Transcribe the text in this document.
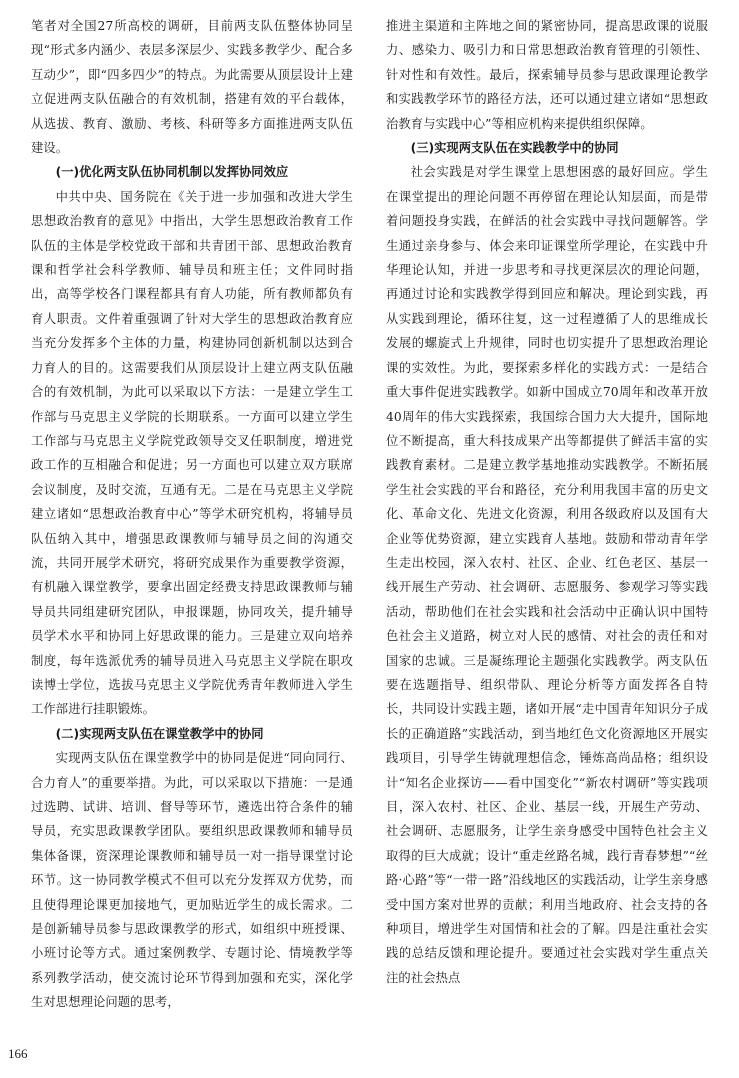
笔者对全国27所高校的调研，目前两支队伍整体协同呈现“形式多内涵少、表层多深层少、实践多教学少、配合多互动少”，即“四多四少”的特点。为此需要从顶层设计上建立促进两支队伍融合的有效机制，搭建有效的平台载体，从选拔、教育、激励、考核、科研等多方面推进两支队伍建设。

(一)优化两支队伍协同机制以发挥协同效应

中共中央、国务院在《关于进一步加强和改进大学生思想政治教育的意见》中指出，大学生思想政治教育工作队伍的主体是学校党政干部和共青团干部、思想政治教育课和哲学社会科学教师、辅导员和班主任；文件同时指出，高等学校各门课程都具有育人功能，所有教师都负有育人职责。文件着重强调了针对大学生的思想政治教育应当充分发挥多个主体的力量，构建协同创新机制以达到合力育人的目的。这需要我们从顶层设计上建立两支队伍融合的有效机制，为此可以采取以下方法：一是建立学生工作部与马克思主义学院的长期联系。一方面可以建立学生工作部与马克思主义学院党政领导交叉任职制度，增进党政工作的互相融合和促进；另一方面也可以建立双方联席会议制度，及时交流，互通有无。二是在马克思主义学院建立诸如“思想政治教育中心”等学术研究机构，将辅导员队伍纳入其中，增强思政课教师与辅导员之间的沟通交流，共同开展学术研究，将研究成果作为重要教学资源，有机融入课堂教学，要拿出固定经费支持思政课教师与辅导员共同组建研究团队，申报课题，协同攻关，提升辅导员学术水平和协同上好思政课的能力。三是建立双向培养制度，每年选派优秀的辅导员进入马克思主义学院在职攻读博士学位，选拔马克思主义学院优秀青年教师进入学生工作部进行挂职锻炼。

(二)实现两支队伍在课堂教学中的协同

实现两支队伍在课堂教学中的协同是促进“同向同行、合力育人”的重要举措。为此，可以采取以下措施：一是通过选聘、试讲、培训、督导等环节，遴选出符合条件的辅导员，充实思政课教学团队。要组织思政课教师和辅导员集体备课，资深理论课教师和辅导员一对一指导课堂讨论环节。这一协同教学模式不但可以充分发挥双方优势，而且使得理论课更加接地气，更加贴近学生的成长需求。二是创新辅导员参与思政课教学的形式，如组织中班授课、小班讨论等方式。通过案例教学、专题讨论、情境教学等系列教学活动，使交流讨论环节得到加强和充实，深化学生对思想理论问题的思考，

推进主渠道和主阵地之间的紧密协同，提高思政课的说服力、感染力、吸引力和日常思想政治教育管理的引领性、针对性和有效性。最后，探索辅导员参与思政课理论教学和实践教学环节的路径方法，还可以通过建立诸如“思想政治教育与实践中心”等相应机构来提供组织保障。

(三)实现两支队伍在实践教学中的协同

社会实践是对学生课堂上思想困惑的最好回应。学生在课堂提出的理论问题不再停留在理论认知层面，而是带着问题投身实践，在鲜活的社会实践中寻找问题解答。学生通过亲身参与、体会来印证课堂所学理论，在实践中升华理论认知，并进一步思考和寻找更深层次的理论问题，再通过讨论和实践教学得到回应和解决。理论到实践，再从实践到理论，循环往复，这一过程遵循了人的思维成长发展的螺旋式上升规律，同时也切实提升了思想政治理论课的实效性。为此，要探索多样化的实践方式：一是结合重大事件促进实践教学。如新中国成立70周年和改革开放40周年的伟大实践探索，我国综合国力大大提升，国际地位不断提高，重大科技成果产出等都提供了鲜活丰富的实践教育素材。二是建立教学基地推动实践教学。不断拓展学生社会实践的平台和路径，充分利用我国丰富的历史文化、革命文化、先进文化资源，利用各级政府以及国有大企业等优势资源，建立实践育人基地。鼓励和带动青年学生走出校园，深入农村、社区、企业、红色老区、基层一线开展生产劳动、社会调研、志愿服务、参观学习等实践活动，帮助他们在社会实践和社会活动中正确认识中国特色社会主义道路，树立对人民的感情、对社会的责任和对国家的忠诚。三是凝练理论主题强化实践教学。两支队伍要在选题指导、组织带队、理论分析等方面发挥各自特长，共同设计实践主题，诸如开展“走中国青年知识分子成长的正确道路”实践活动，到当地红色文化资源地区开展实践项目，引导学生铸就理想信念，锤炼高尚品格；组织设计“知名企业探访——看中国变化”“新农村调研”等实践项目，深入农村、社区、企业、基层一线，开展生产劳动、社会调研、志愿服务，让学生亲身感受中国特色社会主义取得的巨大成就；设计“重走丝路名城，践行青春梦想”“丝路·心路”等“一带一路”沿线地区的实践活动，让学生亲身感受中国方案对世界的贡献；利用当地政府、社会支持的各种项目，增进学生对国情和社会的了解。四是注重社会实践的总结反馈和理论提升。要通过社会实践对学生重点关注的社会热点

166
